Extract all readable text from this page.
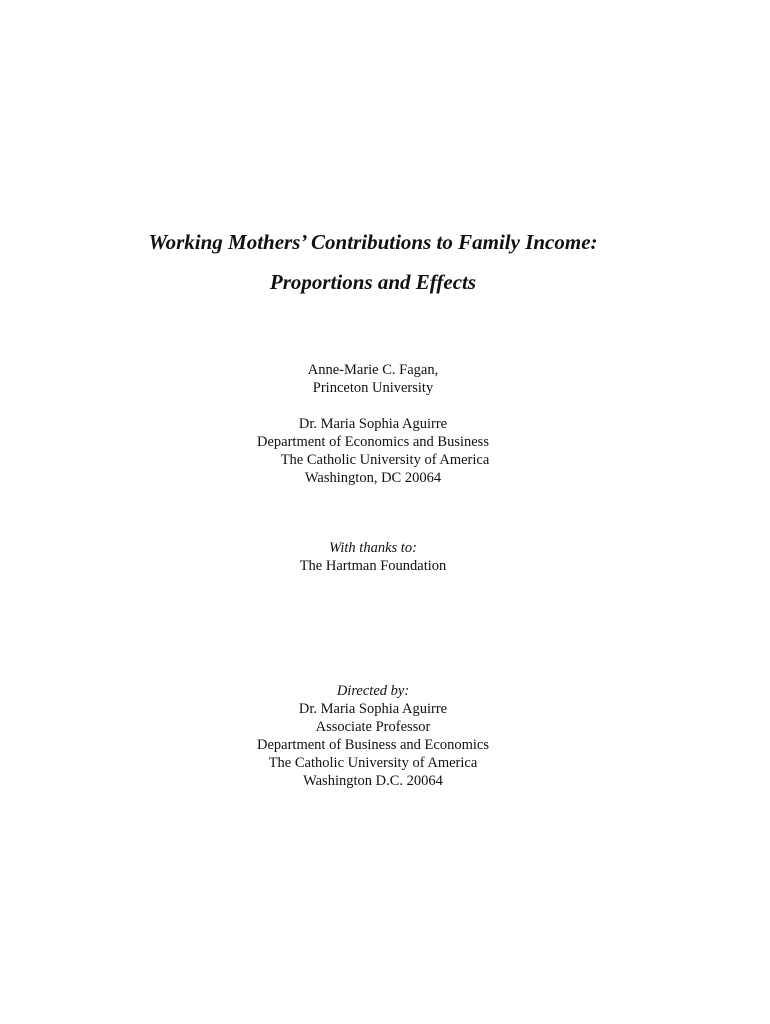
Working Mothers’ Contributions to Family Income:
Proportions and Effects
Anne-Marie C. Fagan,
Princeton University
Dr. Maria Sophia Aguirre
Department of Economics and Business
The Catholic University of America
Washington, DC 20064
With thanks to:
The Hartman Foundation
Directed by:
Dr. Maria Sophia Aguirre
Associate Professor
Department of Business and Economics
The Catholic University of America
Washington D.C. 20064
